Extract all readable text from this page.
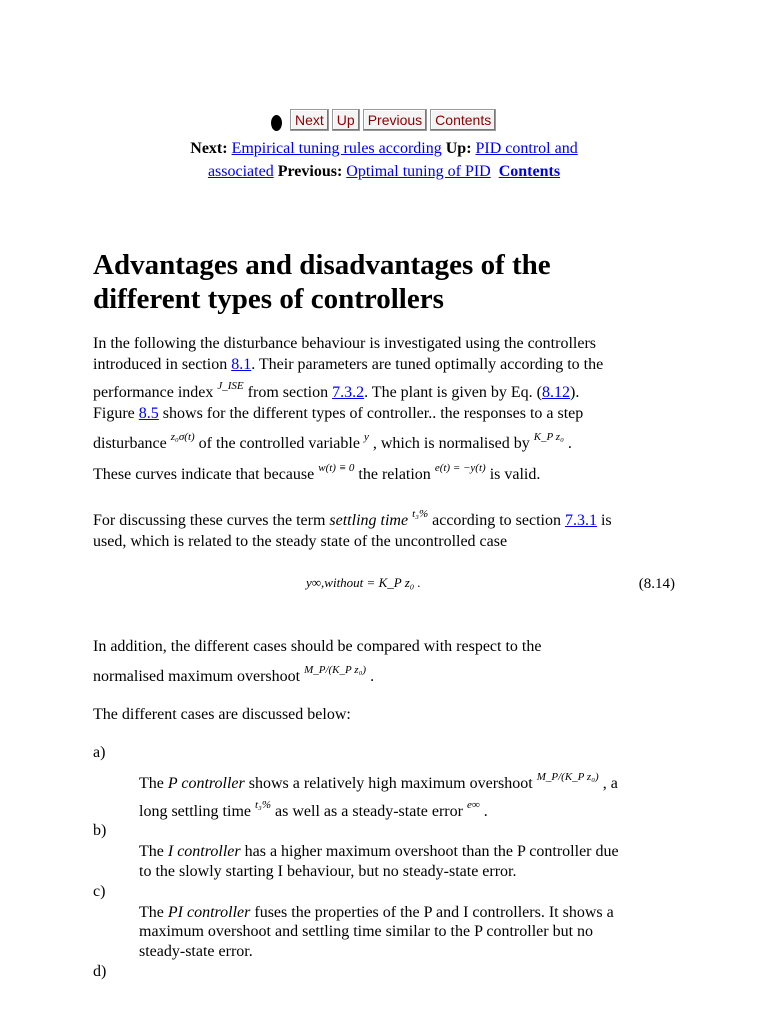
Next Up Previous Contents
Next: Empirical tuning rules according Up: PID control and
associated Previous: Optimal tuning of PID Contents
Advantages and disadvantages of the
different types of controllers
In the following the disturbance behaviour is investigated using the controllers
introduced in section 8.1. Their parameters are tuned optimally according to the
performance index $^{J\_ISE}$ from section 7.3.2. The plant is given by Eq. (8.12).
Figure 8.5 shows for the different types of controller.. the responses to a step
disturbance $^{z_0\sigma(t)}$ of the controlled variable $^y$ , which is normalised by $^{K\_P z_0}$ .
These curves indicate that because $^{w(t) \equiv 0}$ the relation $^{e(t) = -y(t)}$ is valid.
For discussing these curves the term settling time $^{t_3\%}$ according to section 7.3.1 is
used, which is related to the steady state of the uncontrolled case
y∞,without = K_P z₀ .	(8.14)
In addition, the different cases should be compared with respect to the
normalised maximum overshoot $^{M\_P/(K\_P z_0)}$ .
The different cases are discussed below:
a)
The P controller shows a relatively high maximum overshoot $^{M\_P/(K\_P z_0)}$ , a
long settling time $^{t_3\%}$ as well as a steady-state error $^{e\infty}$ .
b)
The I controller has a higher maximum overshoot than the P controller due
to the slowly starting I behaviour, but no steady-state error.
c)
The PI controller fuses the properties of the P and I controllers. It shows a
maximum overshoot and settling time similar to the P controller but no
steady-state error.
d)
